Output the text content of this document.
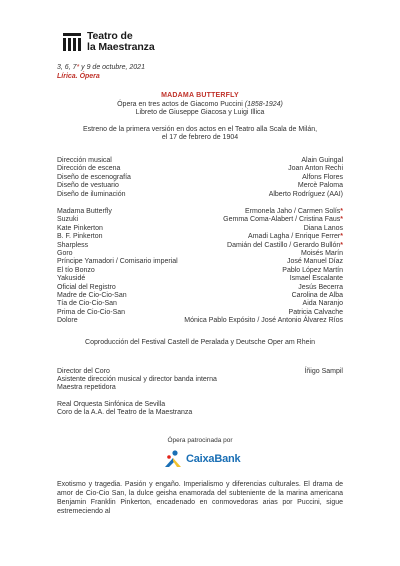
Teatro de
la Maestranza
3, 6, 7* y 9 de octubre, 2021
Lírica. Ópera
MADAMA BUTTERFLY
Ópera en tres actos de Giacomo Puccini (1858-1924)
Libreto de Giuseppe Giacosa y Luigi Illica
Estreno de la primera versión en dos actos en el Teatro alla Scala de Milán,
el 17 de febrero de 1904
Dirección musical	Alain Guingal
Dirección de escena	Joan Anton Rechi
Diseño de escenografía	Alfons Flores
Diseño de vestuario	Mercè Paloma
Diseño de iluminación	Alberto Rodríguez (AAI)
Madama Butterfly	Ermonela Jaho / Carmen Solís*
Suzuki	Gemma Coma-Alabert / Cristina Faus*
Kate Pinkerton	Diana Lanos
B. F. Pinkerton	Amadi Lagha / Enrique Ferrer*
Sharpless	Damián del Castillo / Gerardo Bullón*
Goro	Moisés Marín
Príncipe Yamadori / Comisario imperial	José Manuel Díaz
El tío Bonzo	Pablo López Martín
Yakusidé	Ismael Escalante
Oficial del Registro	Jesús Becerra
Madre de Cio-Cio-San	Carolina de Alba
Tía de Cio-Cio-San	Aida Naranjo
Prima de Cio-Cio-San	Patricia Calvache
Dolore	Mónica Pablo Expósito / José Antonio Álvarez Ríos
Coproducción del Festival Castell de Peralada y Deutsche Oper am Rhein
Director del Coro	Íñigo Sampil
Asistente dirección musical y director banda interna
Maestra repetidora
Real Orquesta Sinfónica de Sevilla
Coro de la A.A. del Teatro de la Maestranza
Ópera patrocinada por
CaixaBank
Exotismo y tragedia. Pasión y engaño. Imperialismo y diferencias culturales. El drama de amor de Cio-Cio San, la dulce geisha enamorada del subteniente de la marina americana Benjamin Franklin Pinkerton, encadenado en conmovedoras arias por Puccini, sigue estremeciendo al
